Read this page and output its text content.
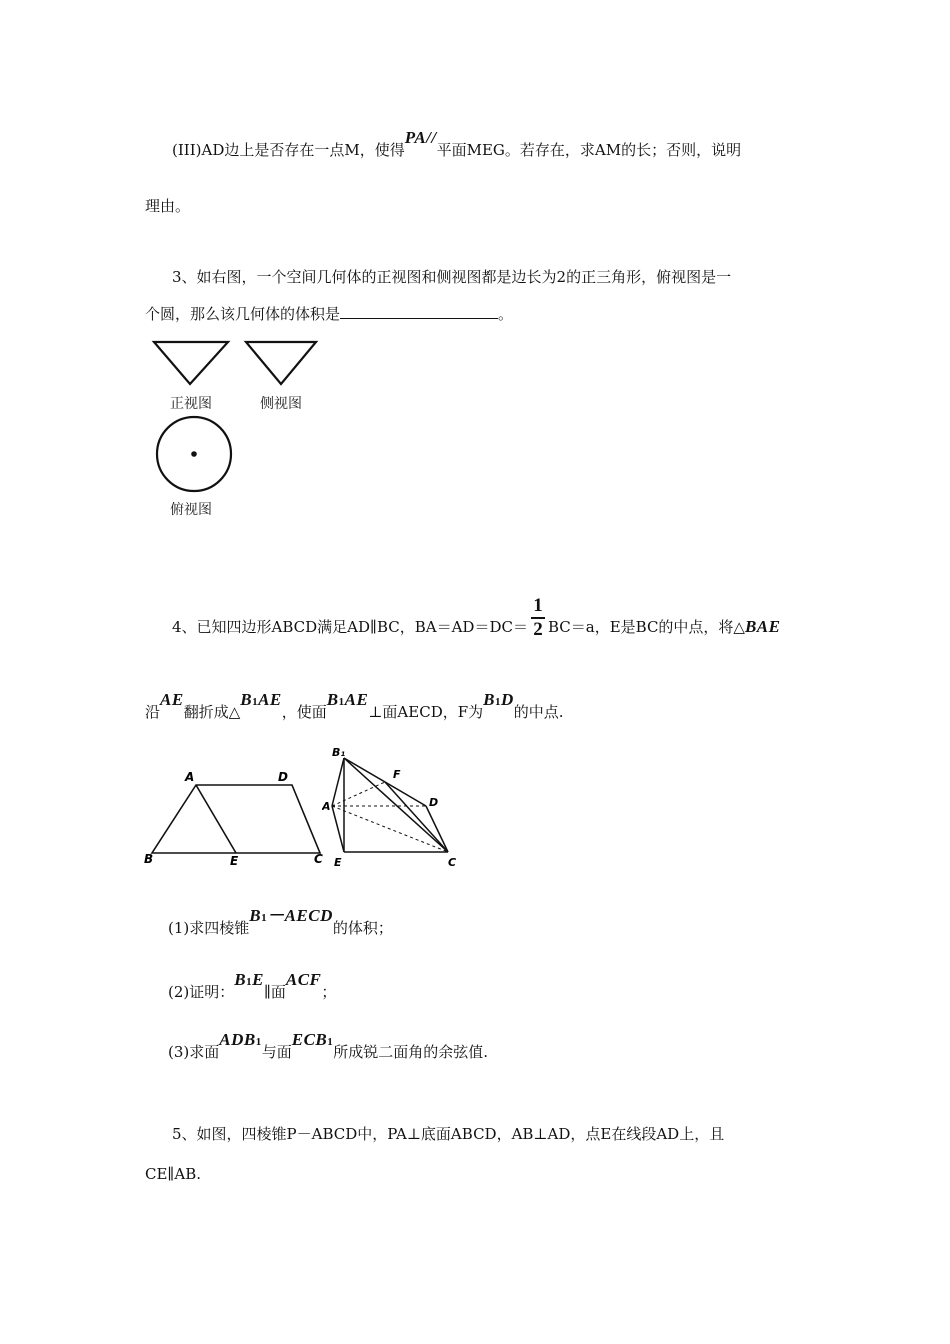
(III)AD边上是否存在一点M，使得PA//平面MEG。若存在，求AM的长；否则，说明
理由。
3、如右图，一个空间几何体的正视图和侧视图都是边长为2的正三角形，俯视图是一
个圆，那么该几何体的体积是	。
正视图	侧视图
俯视图
4、已知四边形ABCD满足AD∥BC，$BA=AD=DC= \frac{1}{2} BC=a$，E是BC的中点，将△BAE
沿AE翻折成△B1AE，使面B1AE⊥面AECD，F为B1D的中点.
A	D
B	E	C
B₁
F
A	D
E	C
(1)求四棱锥B1－AECD的体积；
(2)证明：B1E∥面ACF；
(3)求面ADB1与面ECB1所成锐二面角的余弦值.
5、如图，四棱锥P－ABCD中，PA⊥底面ABCD，AB⊥AD，点E在线段AD上，且
CE∥AB.
